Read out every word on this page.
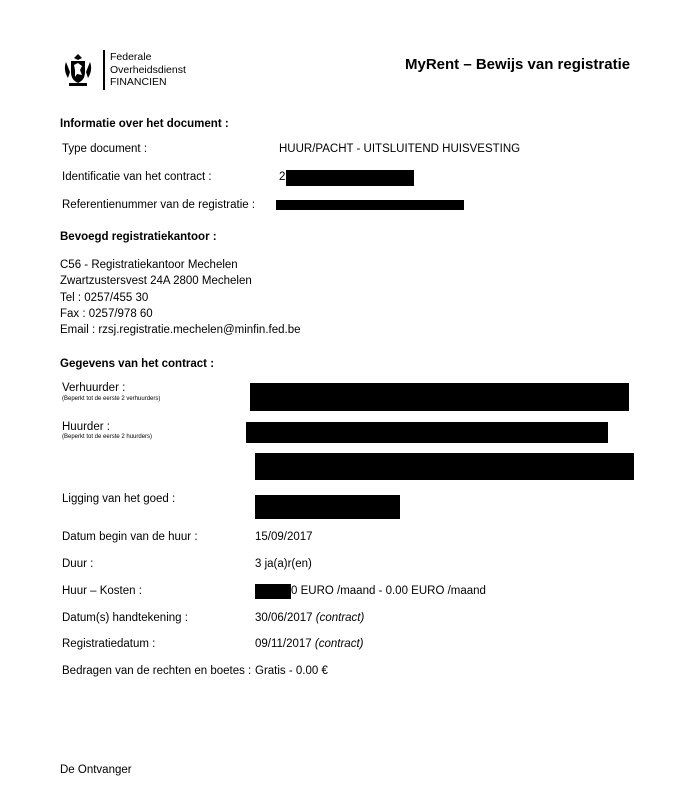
Federale
Overheidsdienst
FINANCIEN
MyRent – Bewijs van registratie
Informatie over het document :
Type document :	HUUR/PACHT - UITSLUITEND HUISVESTING
Identificatie van het contract :	2
Referentienummer van de registratie :
Bevoegd registratiekantoor :
C56 - Registratiekantoor Mechelen
Zwartzustersvest 24A 2800 Mechelen
Tel : 0257/455 30
Fax : 0257/978 60
Email : rzsj.registratie.mechelen@minfin.fed.be
Gegevens van het contract :
Verhuurder :
(Beperkt tot de eerste 2 verhuurders)
Huurder :
(Beperkt tot de eerste 2 huurders)
Ligging van het goed :
Datum begin van de huur :	15/09/2017
Duur :	3 ja(a)r(en)
Huur – Kosten :	0 EURO /maand - 0.00 EURO /maand
Datum(s) handtekening :	30/06/2017 (contract)
Registratiedatum :	09/11/2017 (contract)
Bedragen van de rechten en boetes : Gratis - 0.00 €
De Ontvanger
